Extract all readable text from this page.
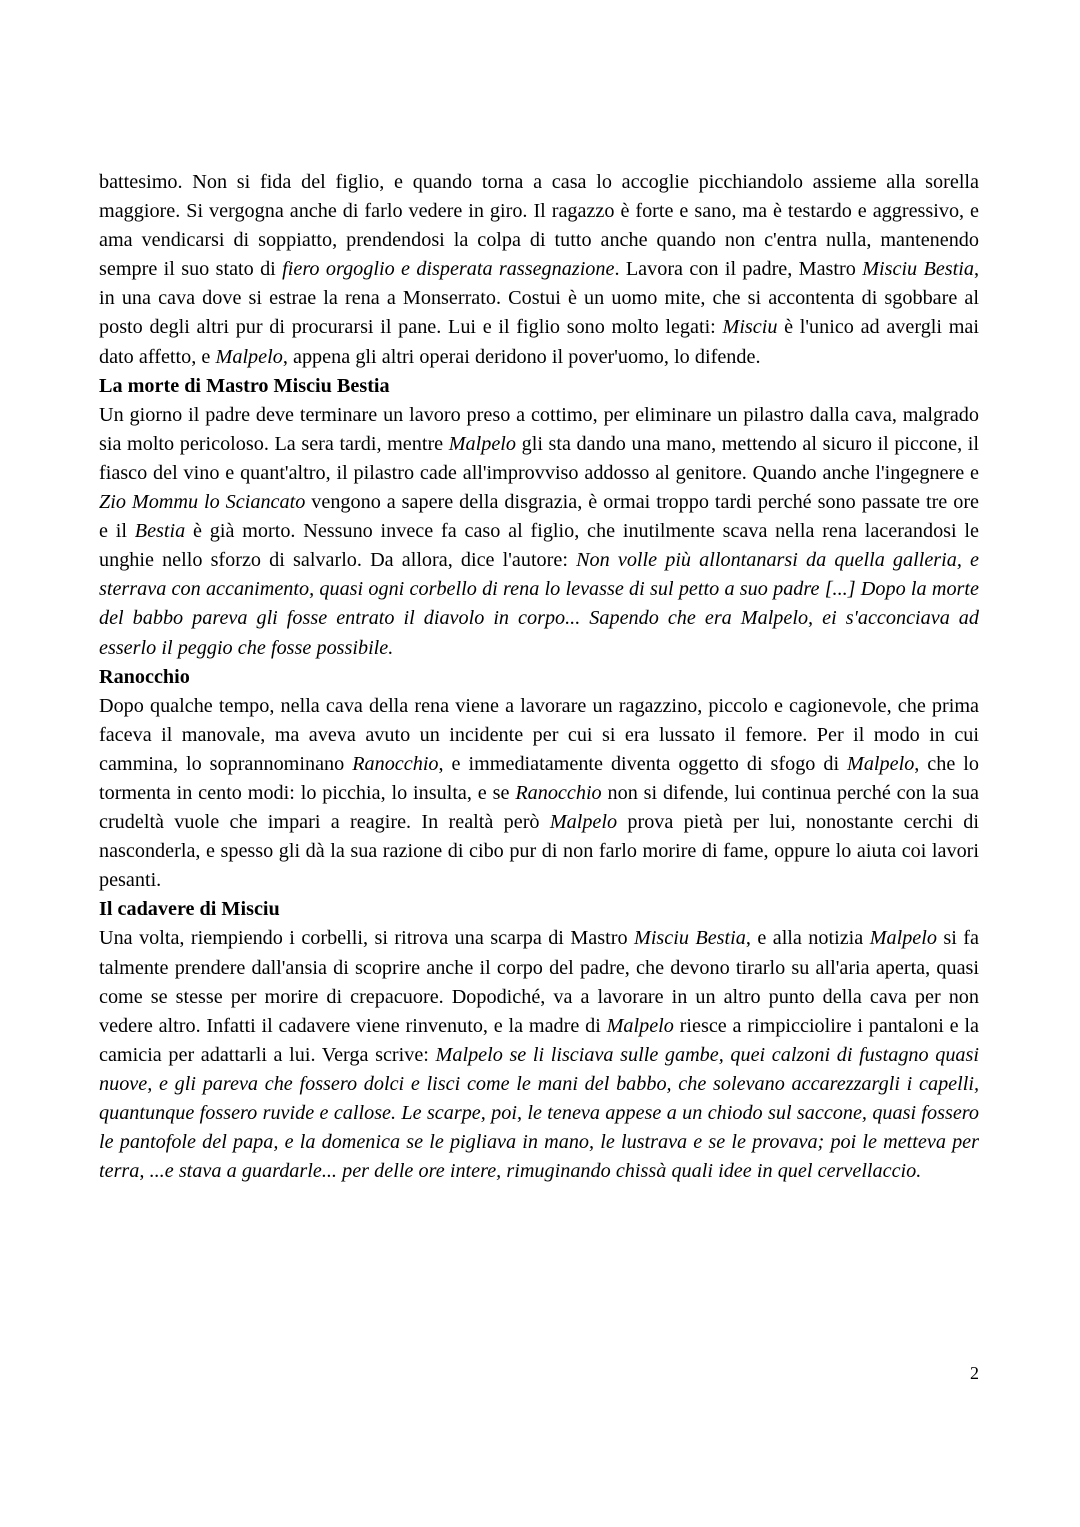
battesimo. Non si fida del figlio, e quando torna a casa lo accoglie picchiandolo assieme alla sorella maggiore. Si vergogna anche di farlo vedere in giro. Il ragazzo è forte e sano, ma è testardo e aggressivo, e ama vendicarsi di soppiatto, prendendosi la colpa di tutto anche quando non c'entra nulla, mantenendo sempre il suo stato di fiero orgoglio e disperata rassegnazione. Lavora con il padre, Mastro Misciu Bestia, in una cava dove si estrae la rena a Monserrato. Costui è un uomo mite, che si accontenta di sgobbare al posto degli altri pur di procurarsi il pane. Lui e il figlio sono molto legati: Misciu è l'unico ad avergli mai dato affetto, e Malpelo, appena gli altri operai deridono il pover'uomo, lo difende.

La morte di Mastro Misciu Bestia

Un giorno il padre deve terminare un lavoro preso a cottimo, per eliminare un pilastro dalla cava, malgrado sia molto pericoloso. La sera tardi, mentre Malpelo gli sta dando una mano, mettendo al sicuro il piccone, il fiasco del vino e quant'altro, il pilastro cade all'improvviso addosso al genitore. Quando anche l'ingegnere e Zio Mommu lo Sciancato vengono a sapere della disgrazia, è ormai troppo tardi perché sono passate tre ore e il Bestia è già morto. Nessuno invece fa caso al figlio, che inutilmente scava nella rena lacerandosi le unghie nello sforzo di salvarlo. Da allora, dice l'autore: Non volle più allontanarsi da quella galleria, e sterrava con accanimento, quasi ogni corbello di rena lo levasse di sul petto a suo padre [...] Dopo la morte del babbo pareva gli fosse entrato il diavolo in corpo... Sapendo che era Malpelo, ei s'acconciava ad esserlo il peggio che fosse possibile.

Ranocchio

Dopo qualche tempo, nella cava della rena viene a lavorare un ragazzino, piccolo e cagionevole, che prima faceva il manovale, ma aveva avuto un incidente per cui si era lussato il femore. Per il modo in cui cammina, lo soprannominano Ranocchio, e immediatamente diventa oggetto di sfogo di Malpelo, che lo tormenta in cento modi: lo picchia, lo insulta, e se Ranocchio non si difende, lui continua perché con la sua crudeltà vuole che impari a reagire. In realtà però Malpelo prova pietà per lui, nonostante cerchi di nasconderla, e spesso gli dà la sua razione di cibo pur di non farlo morire di fame, oppure lo aiuta coi lavori pesanti.

Il cadavere di Misciu

Una volta, riempiendo i corbelli, si ritrova una scarpa di Mastro Misciu Bestia, e alla notizia Malpelo si fa talmente prendere dall'ansia di scoprire anche il corpo del padre, che devono tirarlo su all'aria aperta, quasi come se stesse per morire di crepacuore. Dopodiché, va a lavorare in un altro punto della cava per non vedere altro. Infatti il cadavere viene rinvenuto, e la madre di Malpelo riesce a rimpicciolire i pantaloni e la camicia per adattarli a lui. Verga scrive: Malpelo se li lisciava sulle gambe, quei calzoni di fustagno quasi nuove, e gli pareva che fossero dolci e lisci come le mani del babbo, che solevano accarezzargli i capelli, quantunque fossero ruvide e callose. Le scarpe, poi, le teneva appese a un chiodo sul saccone, quasi fossero le pantofole del papa, e la domenica se le pigliava in mano, le lustrava e se le provava; poi le metteva per terra, ...e stava a guardarle... per delle ore intere, rimuginando chissà quali idee in quel cervellaccio.

2
